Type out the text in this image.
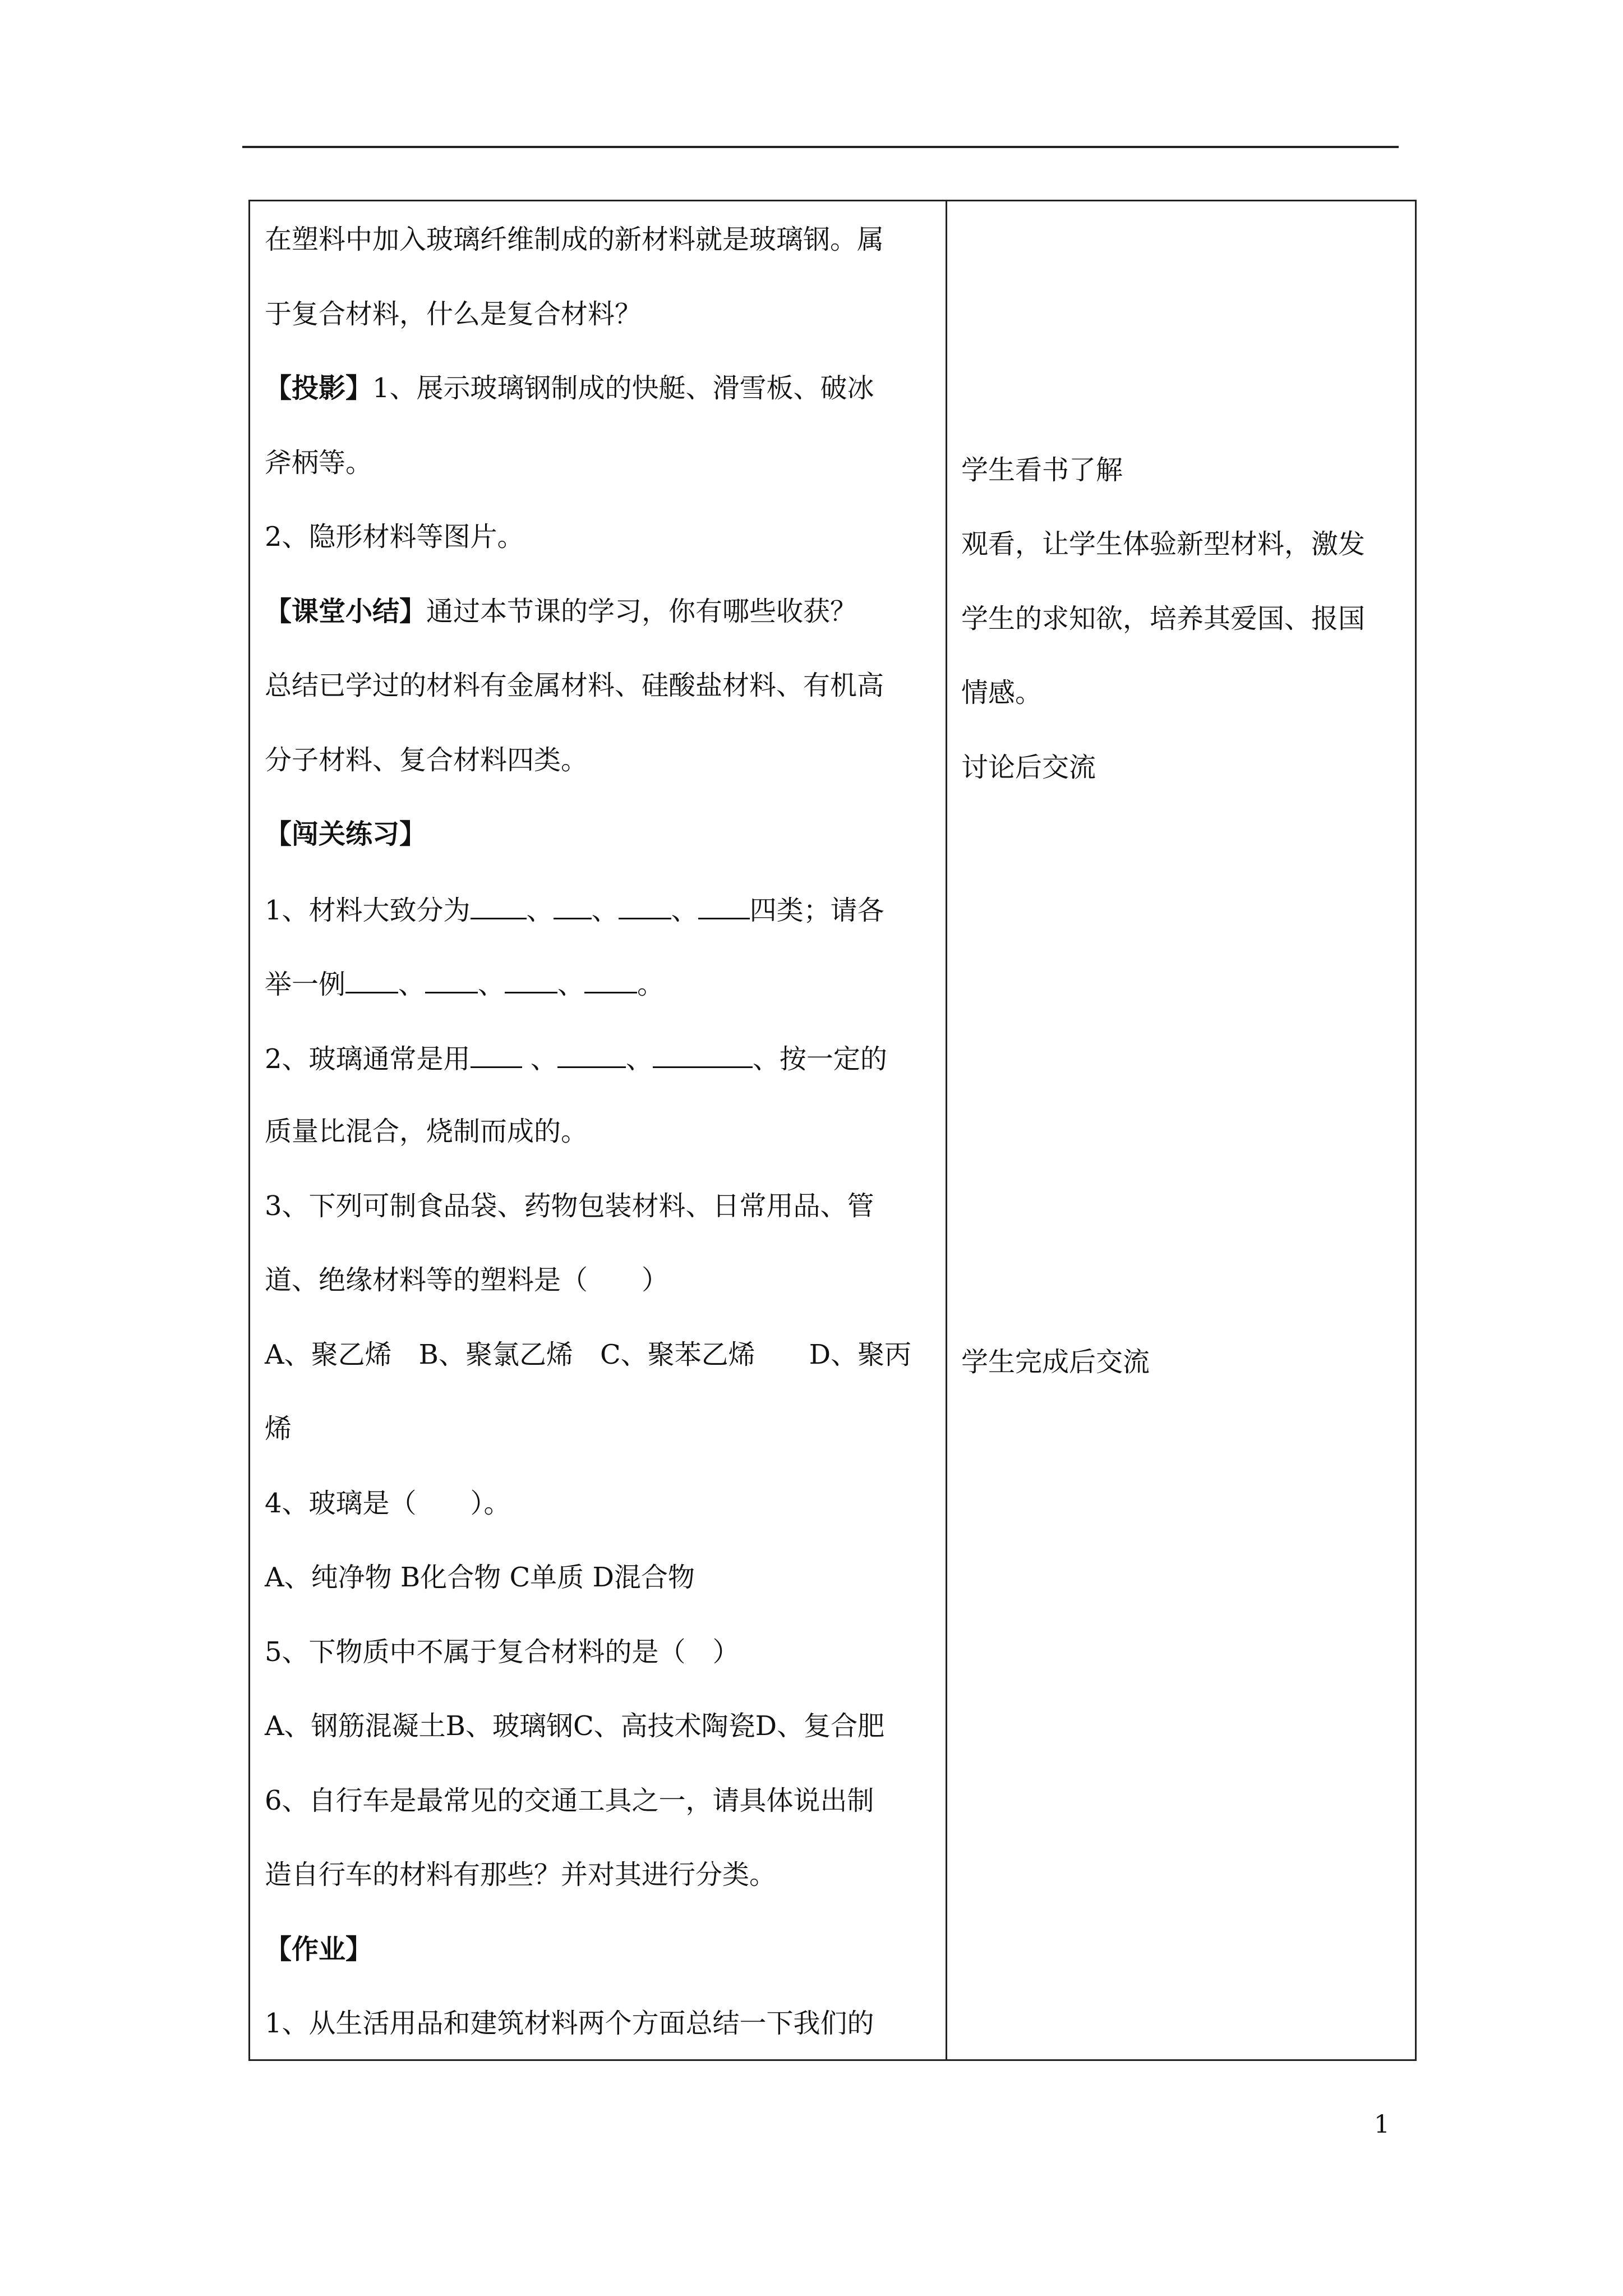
在塑料中加入玻璃纤维制成的新材料就是玻璃钢。属
于复合材料，什么是复合材料？
【投影】1、展示玻璃钢制成的快艇、滑雪板、破冰
斧柄等。
2、隐形材料等图片。
【课堂小结】通过本节课的学习，你有哪些收获？
总结已学过的材料有金属材料、硅酸盐材料、有机高
分子材料、复合材料四类。
【闯关练习】
1、材料大致分为 、 、 、 四类；请各
举一例 、 、 、 。
2、玻璃通常是用 、	、	、按一定的
质量比混合，烧制而成的。
3、下列可制食品袋、药物包装材料、日常用品、管
道、绝缘材料等的塑料是（　　）
A、聚乙烯　B、聚氯乙烯　C、聚苯乙烯　　D、聚丙
烯
4、玻璃是（　　）。
A、纯净物 B化合物 C单质 D混合物
5、下物质中不属于复合材料的是（　）
A、钢筋混凝土B、玻璃钢C、高技术陶瓷D、复合肥
6、自行车是最常见的交通工具之一，请具体说出制
造自行车的材料有那些？并对其进行分类。
【作业】
1、从生活用品和建筑材料两个方面总结一下我们的
学生看书了解
观看，让学生体验新型材料，激发
学生的求知欲，培养其爱国、报国
情感。
讨论后交流
学生完成后交流
1
